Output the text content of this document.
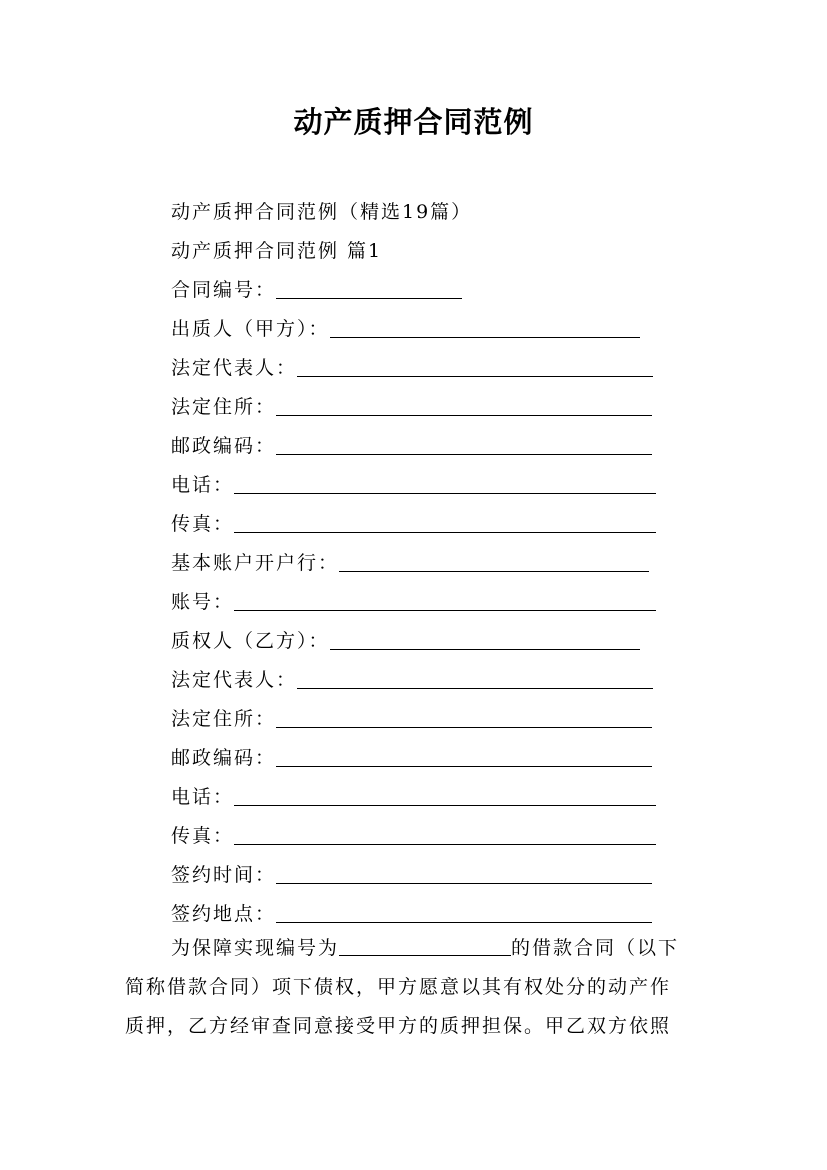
动产质押合同范例
动产质押合同范例（精选19篇）
动产质押合同范例 篇1
合同编号：
出质人（甲方）：
法定代表人：
法定住所：
邮政编码：
电话：
传真：
基本账户开户行：
账号：
质权人（乙方）：
法定代表人：
法定住所：
邮政编码：
电话：
传真：
签约时间：
签约地点：
为保障实现编号为	的借款合同（以下
简称借款合同）项下债权，甲方愿意以其有权处分的动产作
质押，乙方经审查同意接受甲方的质押担保。甲乙双方依照
